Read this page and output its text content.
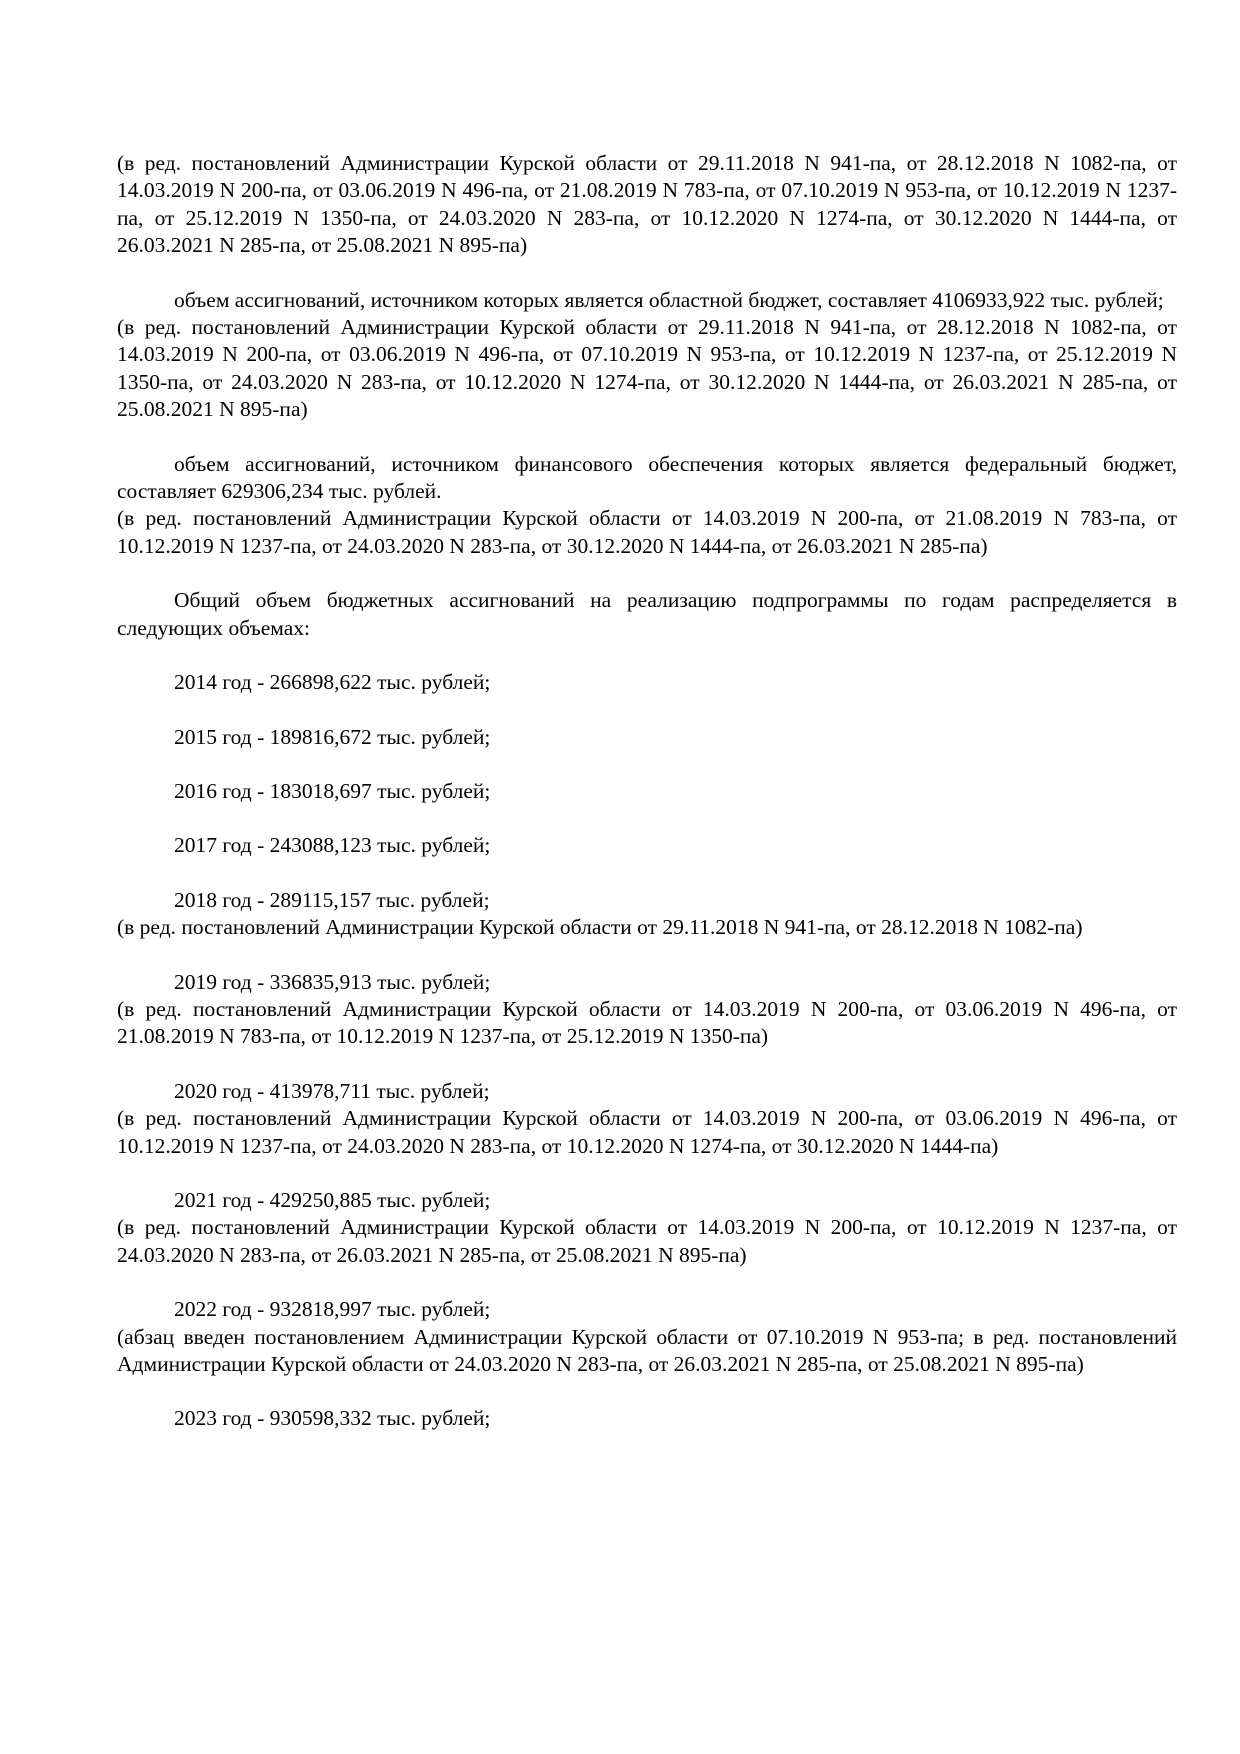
(в ред. постановлений Администрации Курской области от 29.11.2018 N 941-па, от 28.12.2018 N 1082-па, от 14.03.2019 N 200-па, от 03.06.2019 N 496-па, от 21.08.2019 N 783-па, от 07.10.2019 N 953-па, от 10.12.2019 N 1237-па, от 25.12.2019 N 1350-па, от 24.03.2020 N 283-па, от 10.12.2020 N 1274-па, от 30.12.2020 N 1444-па, от 26.03.2021 N 285-па, от 25.08.2021 N 895-па)
объем ассигнований, источником которых является областной бюджет, составляет 4106933,922 тыс. рублей;
(в ред. постановлений Администрации Курской области от 29.11.2018 N 941-па, от 28.12.2018 N 1082-па, от 14.03.2019 N 200-па, от 03.06.2019 N 496-па, от 07.10.2019 N 953-па, от 10.12.2019 N 1237-па, от 25.12.2019 N 1350-па, от 24.03.2020 N 283-па, от 10.12.2020 N 1274-па, от 30.12.2020 N 1444-па, от 26.03.2021 N 285-па, от 25.08.2021 N 895-па)
объем ассигнований, источником финансового обеспечения которых является федеральный бюджет, составляет 629306,234 тыс. рублей.
(в ред. постановлений Администрации Курской области от 14.03.2019 N 200-па, от 21.08.2019 N 783-па, от 10.12.2019 N 1237-па, от 24.03.2020 N 283-па, от 30.12.2020 N 1444-па, от 26.03.2021 N 285-па)
Общий объем бюджетных ассигнований на реализацию подпрограммы по годам распределяется в следующих объемах:
2014 год - 266898,622 тыс. рублей;
2015 год - 189816,672 тыс. рублей;
2016 год - 183018,697 тыс. рублей;
2017 год - 243088,123 тыс. рублей;
2018 год - 289115,157 тыс. рублей;
(в ред. постановлений Администрации Курской области от 29.11.2018 N 941-па, от 28.12.2018 N 1082-па)
2019 год - 336835,913 тыс. рублей;
(в ред. постановлений Администрации Курской области от 14.03.2019 N 200-па, от 03.06.2019 N 496-па, от 21.08.2019 N 783-па, от 10.12.2019 N 1237-па, от 25.12.2019 N 1350-па)
2020 год - 413978,711 тыс. рублей;
(в ред. постановлений Администрации Курской области от 14.03.2019 N 200-па, от 03.06.2019 N 496-па, от 10.12.2019 N 1237-па, от 24.03.2020 N 283-па, от 10.12.2020 N 1274-па, от 30.12.2020 N 1444-па)
2021 год - 429250,885 тыс. рублей;
(в ред. постановлений Администрации Курской области от 14.03.2019 N 200-па, от 10.12.2019 N 1237-па, от 24.03.2020 N 283-па, от 26.03.2021 N 285-па, от 25.08.2021 N 895-па)
2022 год - 932818,997 тыс. рублей;
(абзац введен постановлением Администрации Курской области от 07.10.2019 N 953-па; в ред. постановлений Администрации Курской области от 24.03.2020 N 283-па, от 26.03.2021 N 285-па, от 25.08.2021 N 895-па)
2023 год - 930598,332 тыс. рублей;
